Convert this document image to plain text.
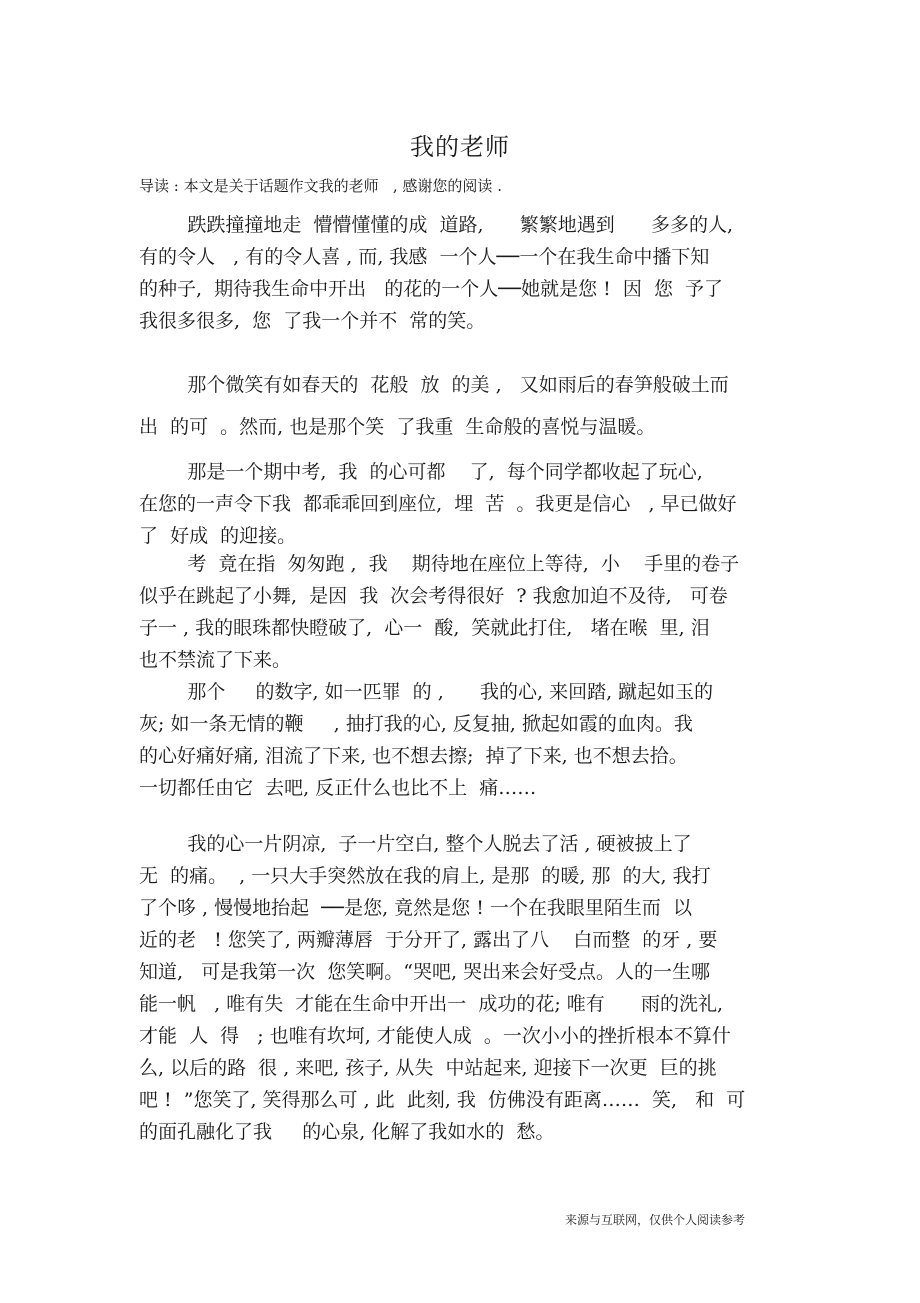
我的老师
导读 : 本文是关于话题作文我的老师   , 感谢您的阅读 .
跌跌撞撞地走  懵懵懂懂的成  道路,      繁繁地遇到      多多的人,
有的令人   , 有的令人喜 , 而, 我感  一个人──一个在我生命中播下知
的种子,  期待我生命中开出   的花的一个人──她就是您 !  因  您  予了
我很多很多,  您  了我一个并不  常的笑。
那个微笑有如春天的  花般  放  的美 ,   又如雨后的春笋般破土而
出  的可  。然而, 也是那个笑  了我重  生命般的喜悦与温暖。
那是一个期中考,  我  的心可都    了,  每个同学都收起了玩心,
在您的一声令下我  都乖乖回到座位,  埋  苦  。我更是信心   , 早已做好
了  好成  的迎接。
考  竟在指  匆匆跑 ,  我    期待地在座位上等待,  小    手里的卷子
似乎在跳起了小舞,  是因  我  次会考得很好  ? 我愈加迫不及待,   可卷
子一 , 我的眼珠都快瞪破了,  心一  酸,  笑就此打住,   堵在喉  里, 泪
也不禁流了下来。
那个     的数字, 如一匹罪  的 ,      我的心, 来回踏, 蹴起如玉的
灰; 如一条无情的鞭     , 抽打我的心, 反复抽, 掀起如霞的血肉。我
的心好痛好痛, 泪流了下来, 也不想去擦;  掉了下来, 也不想去拾。
一切都任由它  去吧, 反正什么也比不上  痛……
我的心一片阴凉,  子一片空白, 整个人脱去了活 , 硬被披上了
无  的痛。  , 一只大手突然放在我的肩上, 是那  的暖, 那  的大, 我打
了个哆 , 慢慢地抬起  ──是您, 竟然是您 ! 一个在我眼里陌生而  以
近的老   ! 您笑了, 两瓣薄唇  于分开了, 露出了八    白而整  的牙 , 要
知道,   可是我第一次  您笑啊。“哭吧, 哭出来会好受点。人的一生哪
能一帆   , 唯有失  才能在生命中开出一  成功的花; 唯有      雨的洗礼,
才能  人  得   ; 也唯有坎坷, 才能使人成  。一次小小的挫折根本不算什
么, 以后的路  很 , 来吧, 孩子, 从失  中站起来, 迎接下一次更  巨的挑
吧 !  ”您笑了, 笑得那么可 , 此  此刻, 我  仿佛没有距离……  笑,   和  可
的面孔融化了我     的心泉, 化解了我如水的  愁。
来源与互联网，仅供个人阅读参考
